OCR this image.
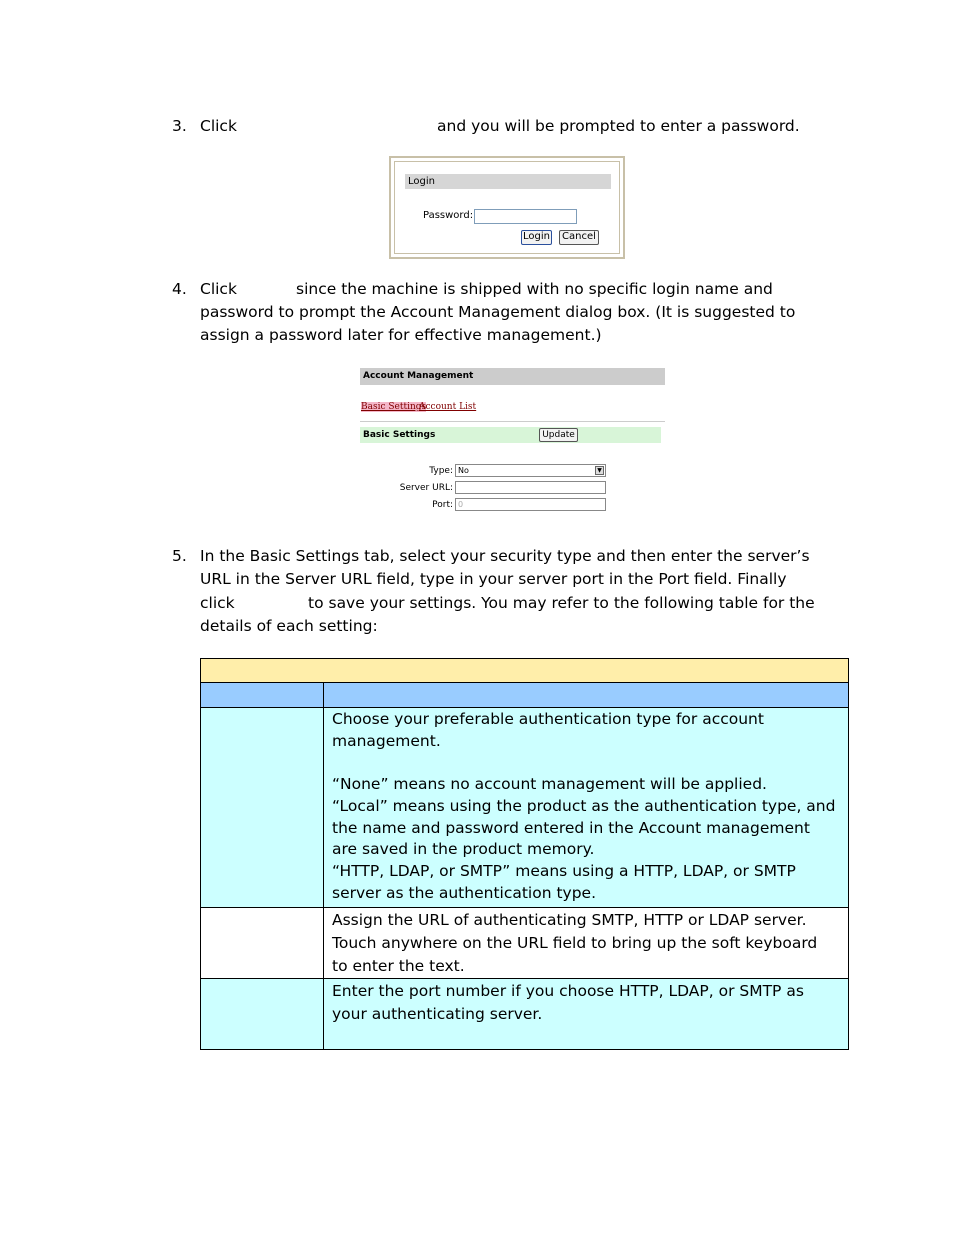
3. Click	and you will be prompted to enter a password.
Login
Password:
Login	Cancel
4. Click	since the machine is shipped with no specific login name and
password to prompt the Account Management dialog box. (It is suggested to
assign a password later for effective management.)
Account Management
Basic Settings
Account List
Basic Settings	Update
Type: No	▼
Server URL:
Port: 0
5. In the Basic Settings tab, select your security type and then enter the server’s
URL in the Server URL field, type in your server port in the Port field. Finally
click	to save your settings. You may refer to the following table for the
details of each setting:
Choose your preferable authentication type for account
management.
“None” means no account management will be applied.
“Local” means using the product as the authentication type, and
the name and password entered in the Account management
are saved in the product memory.
“HTTP, LDAP, or SMTP” means using a HTTP, LDAP, or SMTP
server as the authentication type.
Assign the URL of authenticating SMTP, HTTP or LDAP server.
Touch anywhere on the URL field to bring up the soft keyboard
to enter the text.
Enter the port number if you choose HTTP, LDAP, or SMTP as
your authenticating server.
